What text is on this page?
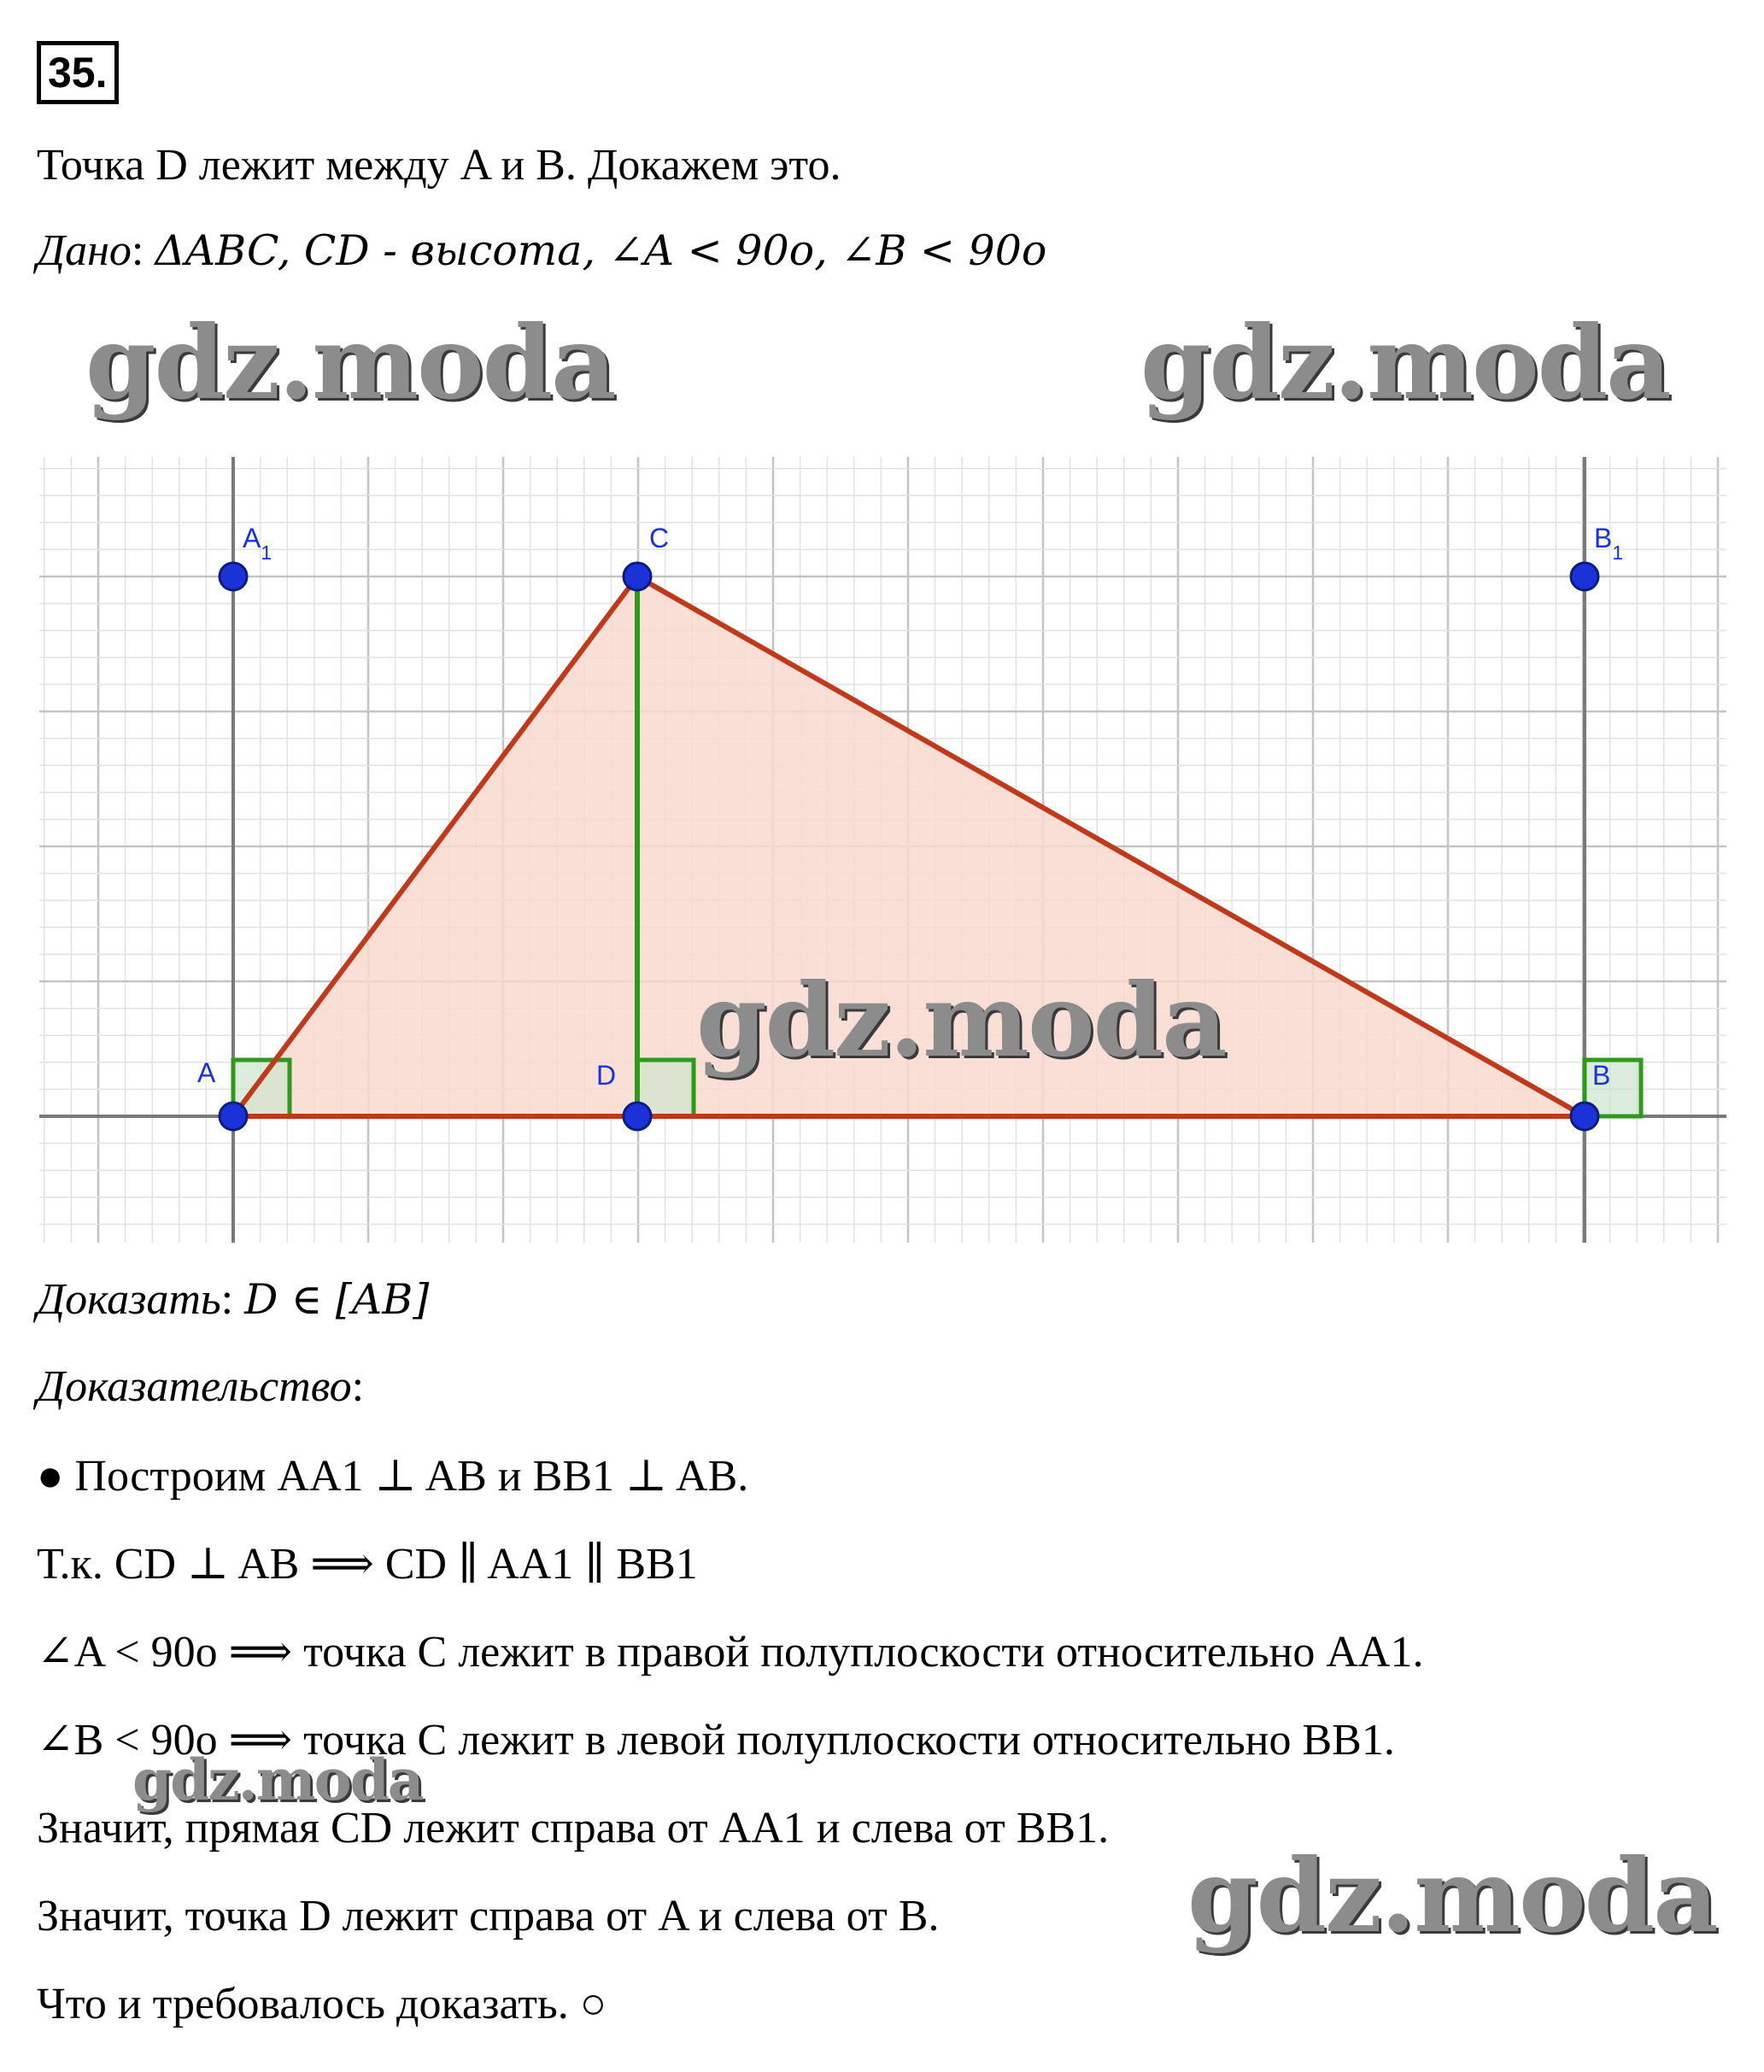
35.
Точка D лежит между A и B. Докажем это.
Дано: ΔABC, CD - высота, ∠A < 90o, ∠B < 90o
gdz.moda	gdz.moda
A	B
C
D
$A_1$	$B_1$
gdz.moda
Доказать: D ∈ [AB]
Доказательство:
● Построим AA1 ⊥ AB и BB1 ⊥ AB.
Т.к. CD ⊥ AB ⟹ CD ∥ AA1 ∥ BB1
∠A < 90o ⟹ точка C лежит в правой полуплоскости относительно AA1.
∠B < 90o ⟹ точка C лежит в левой полуплоскости относительно BB1.
gdz.moda
Значит, прямая CD лежит справа от AA1 и слева от BB1.
Значит, точка D лежит справа от A и слева от B. gdz.moda
Что и требовалось доказать. ○
